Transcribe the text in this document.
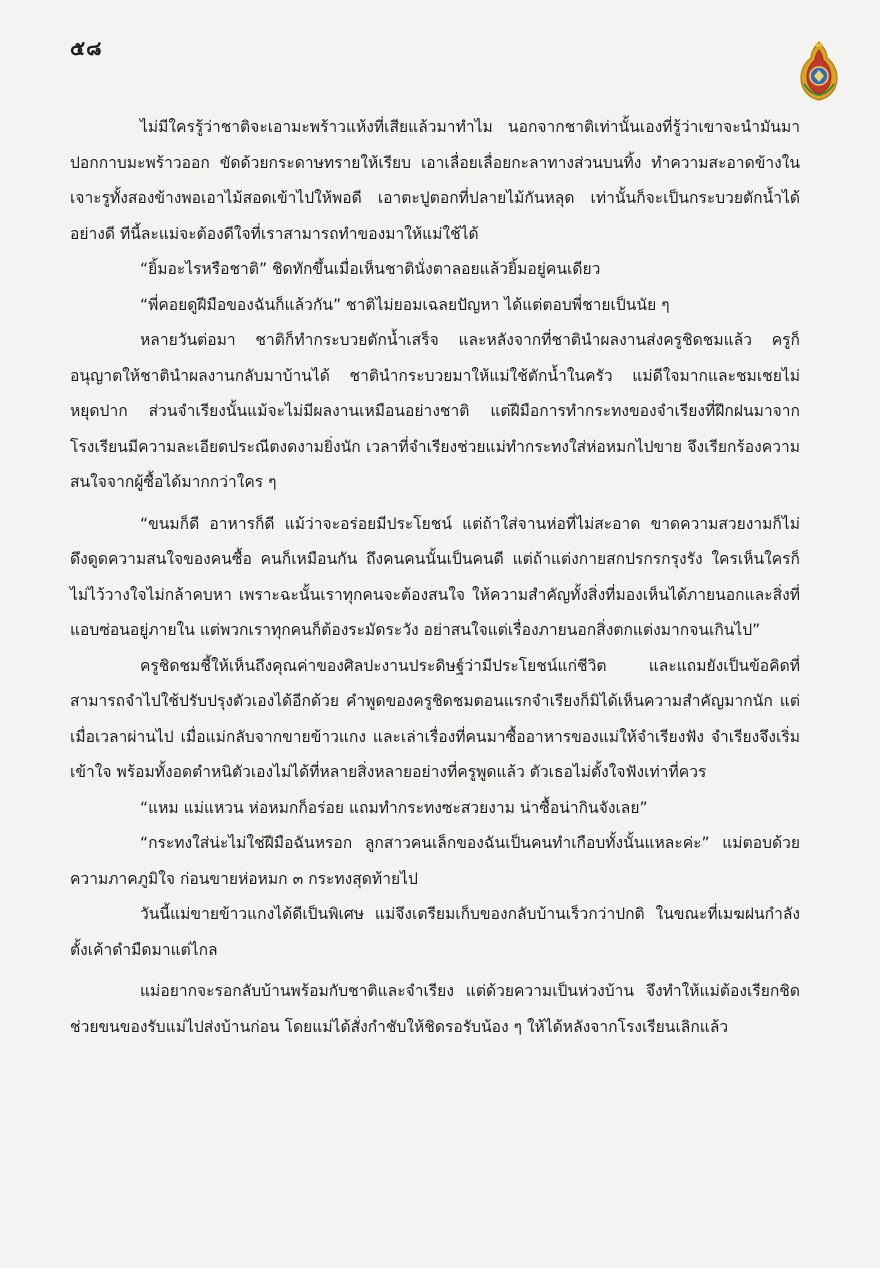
๕๘

ไม่มีใครรู้ว่าชาติจะเอามะพร้าวแห้งที่เสียแล้วมาทำไม นอกจากชาติเท่านั้นเองที่รู้ว่าเขาจะนำมันมาปอกกาบมะพร้าวออก ขัดด้วยกระดาษทรายให้เรียบ เอาเลื่อยเลื่อยกะลาทางส่วนบนทิ้ง ทำความสะอาดข้างใน เจาะรูทั้งสองข้างพอเอาไม้สอดเข้าไปให้พอดี เอาตะปูตอกที่ปลายไม้กันหลุด เท่านั้นก็จะเป็นกระบวยตักน้ำได้อย่างดี ทีนี้ละแม่จะต้องดีใจที่เราสามารถทำของมาให้แม่ใช้ได้

“ยิ้มอะไรหรือชาติ” ชิดทักขึ้นเมื่อเห็นชาตินั่งตาลอยแล้วยิ้มอยู่คนเดียว

“พี่คอยดูฝีมือของฉันก็แล้วกัน” ชาติไม่ยอมเฉลยปัญหา ได้แต่ตอบพี่ชายเป็นนัย ๆ

หลายวันต่อมา ชาติก็ทำกระบวยตักน้ำเสร็จ และหลังจากที่ชาตินำผลงานส่งครูชิดชมแล้ว ครูก็อนุญาตให้ชาตินำผลงานกลับมาบ้านได้ ชาตินำกระบวยมาให้แม่ใช้ตักน้ำในครัว แม่ดีใจมากและชมเชยไม่หยุดปาก ส่วนจำเรียงนั้นแม้จะไม่มีผลงานเหมือนอย่างชาติ แต่ฝีมือการทำกระทงของจำเรียงที่ฝึกฝนมาจากโรงเรียนมีความละเอียดประณีตงดงามยิ่งนัก เวลาที่จำเรียงช่วยแม่ทำกระทงใส่ห่อหมกไปขาย จึงเรียกร้องความสนใจจากผู้ซื้อได้มากกว่าใคร ๆ

“ขนมก็ดี อาหารก็ดี แม้ว่าจะอร่อยมีประโยชน์ แต่ถ้าใส่จานห่อที่ไม่สะอาด ขาดความสวยงามก็ไม่ดึงดูดความสนใจของคนซื้อ คนก็เหมือนกัน ถึงคนคนนั้นเป็นคนดี แต่ถ้าแต่งกายสกปรกรกรุงรัง ใครเห็นใครก็ไม่ไว้วางใจไม่กล้าคบหา เพราะฉะนั้นเราทุกคนจะต้องสนใจ ให้ความสำคัญทั้งสิ่งที่มองเห็นได้ภายนอกและสิ่งที่แอบซ่อนอยู่ภายใน แต่พวกเราทุกคนก็ต้องระมัดระวัง อย่าสนใจแต่เรื่องภายนอกสิ่งตกแต่งมากจนเกินไป”

ครูชิดชมชี้ให้เห็นถึงคุณค่าของศิลปะงานประดิษฐ์ว่ามีประโยชน์แก่ชีวิต และแถมยังเป็นข้อคิดที่สามารถจำไปใช้ปรับปรุงตัวเองได้อีกด้วย คำพูดของครูชิดชมตอนแรกจำเรียงก็มิได้เห็นความสำคัญมากนัก แต่เมื่อเวลาผ่านไป เมื่อแม่กลับจากขายข้าวแกง และเล่าเรื่องที่คนมาซื้ออาหารของแม่ให้จำเรียงฟัง จำเรียงจึงเริ่มเข้าใจ พร้อมทั้งอดตำหนิตัวเองไม่ได้ที่หลายสิ่งหลายอย่างที่ครูพูดแล้ว ตัวเธอไม่ตั้งใจฟังเท่าที่ควร

“แหม แม่แหวน ห่อหมกก็อร่อย แถมทำกระทงซะสวยงาม น่าซื้อน่ากินจังเลย”

“กระทงใส่น่ะไม่ใช่ฝีมือฉันหรอก ลูกสาวคนเล็กของฉันเป็นคนทำเกือบทั้งนั้นแหละค่ะ” แม่ตอบด้วยความภาคภูมิใจ ก่อนขายห่อหมก ๓ กระทงสุดท้ายไป

วันนี้แม่ขายข้าวแกงได้ดีเป็นพิเศษ แม่จึงเตรียมเก็บของกลับบ้านเร็วกว่าปกติ ในขณะที่เมฆฝนกำลังตั้งเค้าดำมืดมาแต่ไกล

แม่อยากจะรอกลับบ้านพร้อมกับชาติและจำเรียง แต่ด้วยความเป็นห่วงบ้าน จึงทำให้แม่ต้องเรียกชิดช่วยขนของรับแม่ไปส่งบ้านก่อน โดยแม่ได้สั่งกำชับให้ชิดรอรับน้อง ๆ ให้ได้หลังจากโรงเรียนเลิกแล้ว
